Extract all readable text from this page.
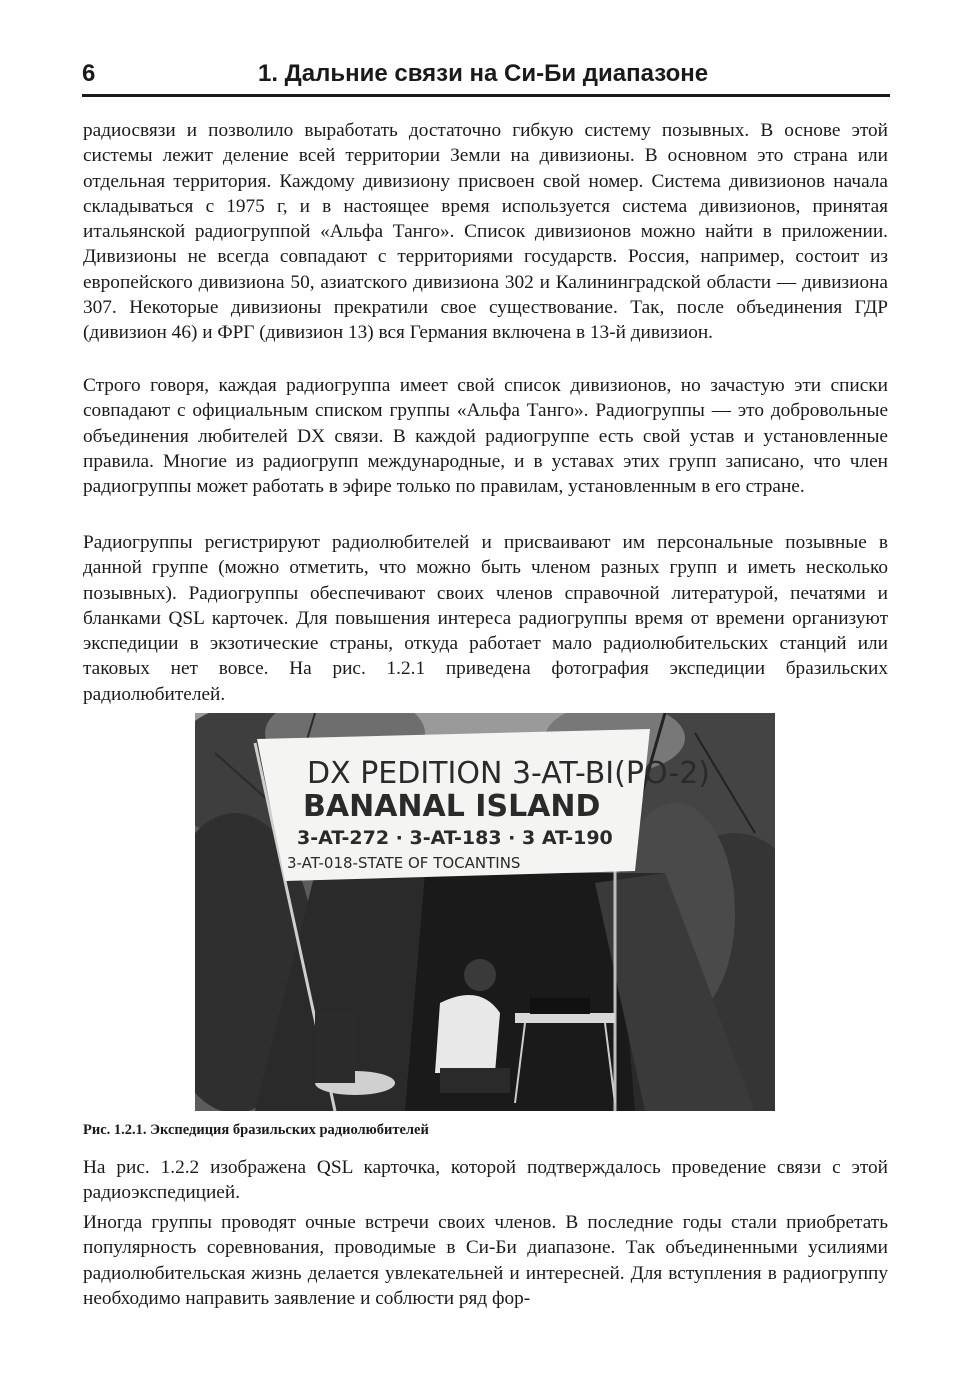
6	1. Дальние связи на Си-Би диапазоне

радиосвязи и позволило выработать достаточно гибкую систему позывных. В основе этой системы лежит деление всей территории Земли на дивизионы. В основном это страна или отдельная территория. Каждому дивизиону присвоен свой номер. Система дивизионов начала складываться с 1975 г, и в настоящее время используется система дивизионов, принятая итальянской радиогруппой «Альфа Танго». Список дивизионов можно найти в приложении. Дивизионы не всегда совпадают с территориями государств. Россия, например, состоит из европейского дивизиона 50, азиатского дивизиона 302 и Калининградской области — дивизиона 307. Некоторые дивизионы прекратили свое существование. Так, после объединения ГДР (дивизион 46) и ФРГ (дивизион 13) вся Германия включена в 13-й дивизион.

Строго говоря, каждая радиогруппа имеет свой список дивизионов, но зачастую эти списки совпадают с официальным списком группы «Альфа Танго». Радиогруппы — это добровольные объединения любителей DX связи. В каждой радиогруппе есть свой устав и установленные правила. Многие из радиогрупп международные, и в уставах этих групп записано, что член радиогруппы может работать в эфире только по правилам, установленным в его стране.

Радиогруппы регистрируют радиолюбителей и присваивают им персональные позывные в данной группе (можно отметить, что можно быть членом разных групп и иметь несколько позывных). Радиогруппы обеспечивают своих членов справочной литературой, печатями и бланками QSL карточек. Для повышения интереса радиогруппы время от времени организуют экспедиции в экзотические страны, откуда работает мало радиолюбительских станций или таковых нет вовсе. На рис. 1.2.1 приведена фотография экспедиции бразильских радиолюбителей.

DX PEDITION 3-AT-BI(PO-2)
BANANAL ISLAND
3-AT-272 · 3-AT-183 · 3 AT-190
3-AT-018-STATE OF TOCANTINS
Рис. 1.2.1. Экспедиция бразильских радиолюбителей

На рис. 1.2.2 изображена QSL карточка, которой подтверждалось проведение связи с этой радиоэкспедицией.

Иногда группы проводят очные встречи своих членов. В последние годы стали приобретать популярность соревнования, проводимые в Си-Би диапазоне. Так объединенными усилиями радиолюбительская жизнь делается увлекательней и интересней. Для вступления в радиогруппу необходимо направить заявление и соблюсти ряд фор-
